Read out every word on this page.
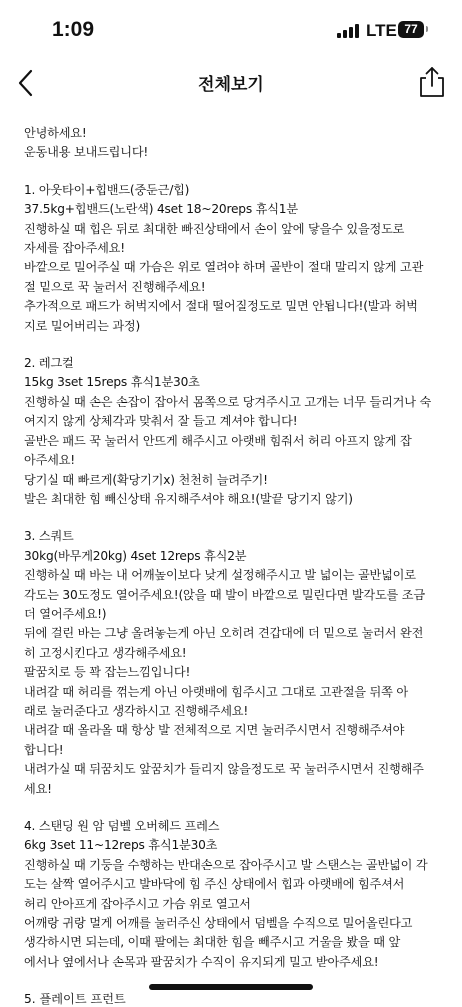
1:09	LTE 77
전체보기

안녕하세요!

운동내용 보내드립니다!

1. 아웃타이+힙밴드(중둔근/힙)

37.5kg+힙밴드(노란색) 4set 18~20reps 휴식1분

진행하실 때 힙은 뒤로 최대한 빠진상태에서 손이 앞에 닿을수 있을정도로

자세를 잡아주세요!

바깥으로 밀어주실 때 가슴은 위로 열려야 하며 골반이 절대 말리지 않게 고관

절 밑으로 꾹 눌러서 진행해주세요!

추가적으로 패드가 허벅지에서 절대 떨어질정도로 밀면 안됩니다!(발과 허벅

지로 밀어버리는 과정)

2. 레그컬

15kg 3set 15reps 휴식1분30초

진행하실 때 손은 손잡이 잡아서 몸쪽으로 당겨주시고 고개는 너무 들리거나 숙

여지지 않게 상체각과 맞춰서 잘 들고 계셔야 합니다!

골반은 패드 꾹 눌러서 안뜨게 해주시고 아랫배 힘줘서 허리 아프지 않게 잡

아주세요!

당기실 때 빠르게(확당기기x) 천천히 늘려주기!

발은 최대한 힘 빼신상태 유지해주셔야 해요!(발끝 당기지 않기)

3. 스쿼트

30kg(바무게20kg) 4set 12reps 휴식2분

진행하실 때 바는 내 어깨높이보다 낮게 설정해주시고 발 넓이는 골반넓이로

각도는 30도정도 열어주세요!(앉을 때 발이 바깥으로 밀린다면 발각도를 조금

더 열어주세요!)

뒤에 걸린 바는 그냥 올려놓는게 아닌 오히려 견갑대에 더 밑으로 눌러서 완전

히 고정시킨다고 생각해주세요!

팔꿈치로 등 꽉 잡는느낌입니다!

내려갈 때 허리를 꺾는게 아닌 아랫배에 힘주시고 그대로 고관절을 뒤쪽 아

래로 눌러준다고 생각하시고 진행해주세요!

내려갈 때 올라올 때 항상 발 전체적으로 지면 눌러주시면서 진행해주셔야

합니다!

내려가실 때 뒤꿈치도 앞꿈치가 들리지 않을정도로 꾹 눌러주시면서 진행해주

세요!

4. 스탠딩 원 암 덤벨 오버헤드 프레스

6kg 3set 11~12reps 휴식1분30초

진행하실 때 기둥을 수행하는 반대손으로 잡아주시고 발 스탠스는 골반넓이 각

도는 살짝 열어주시고 발바닥에 힘 주신 상태에서 힙과 아랫배에 힘주셔서

허리 안아프게 잡아주시고 가슴 위로 열고서

어깨랑 귀랑 멀게 어깨를 눌러주신 상태에서 덤벨을 수직으로 밀어올린다고

생각하시면 되는데, 이때 팔에는 최대한 힘을 빼주시고 거울을 봤을 때 앞

에서나 옆에서나 손목과 팔꿈치가 수직이 유지되게 밀고 받아주세요!

5. 플레이트 프런트
